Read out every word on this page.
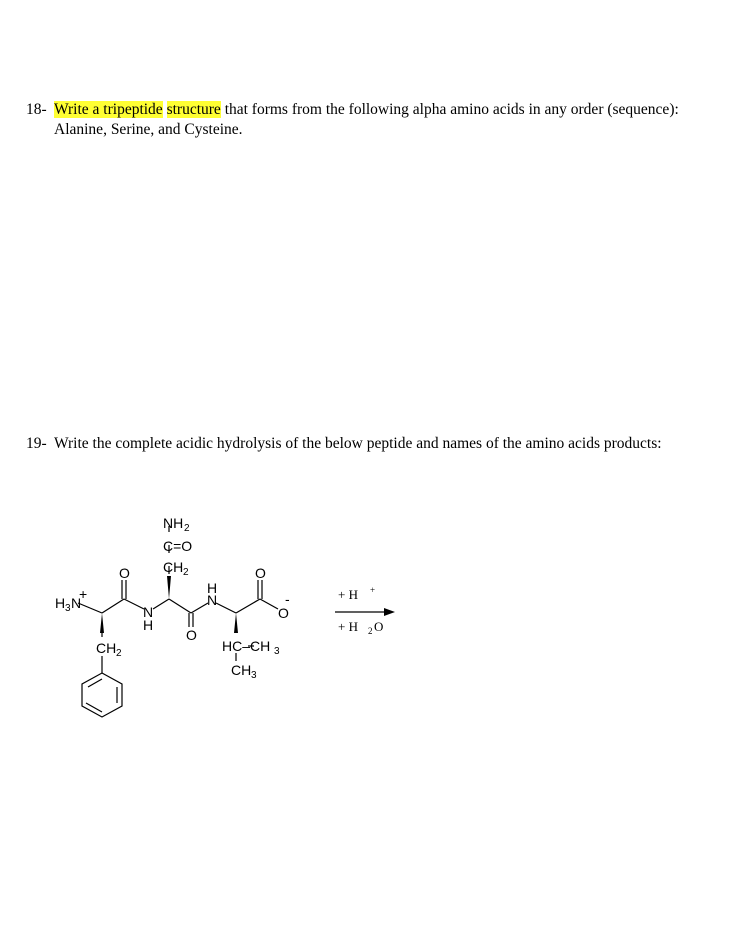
18- Write a tripeptide structure that forms from the following alpha amino acids in any order (sequence): Alanine, Serine, and Cysteine.
19- Write the complete acidic hydrolysis of the below peptide and names of the amino acids products:
H 3 N
+
O
O
O
O
-
N
H
N
H
NH 2
C=O
CH 2
CH 2	HC–CH 3
CH 3
+ H +
+ H 2 O
